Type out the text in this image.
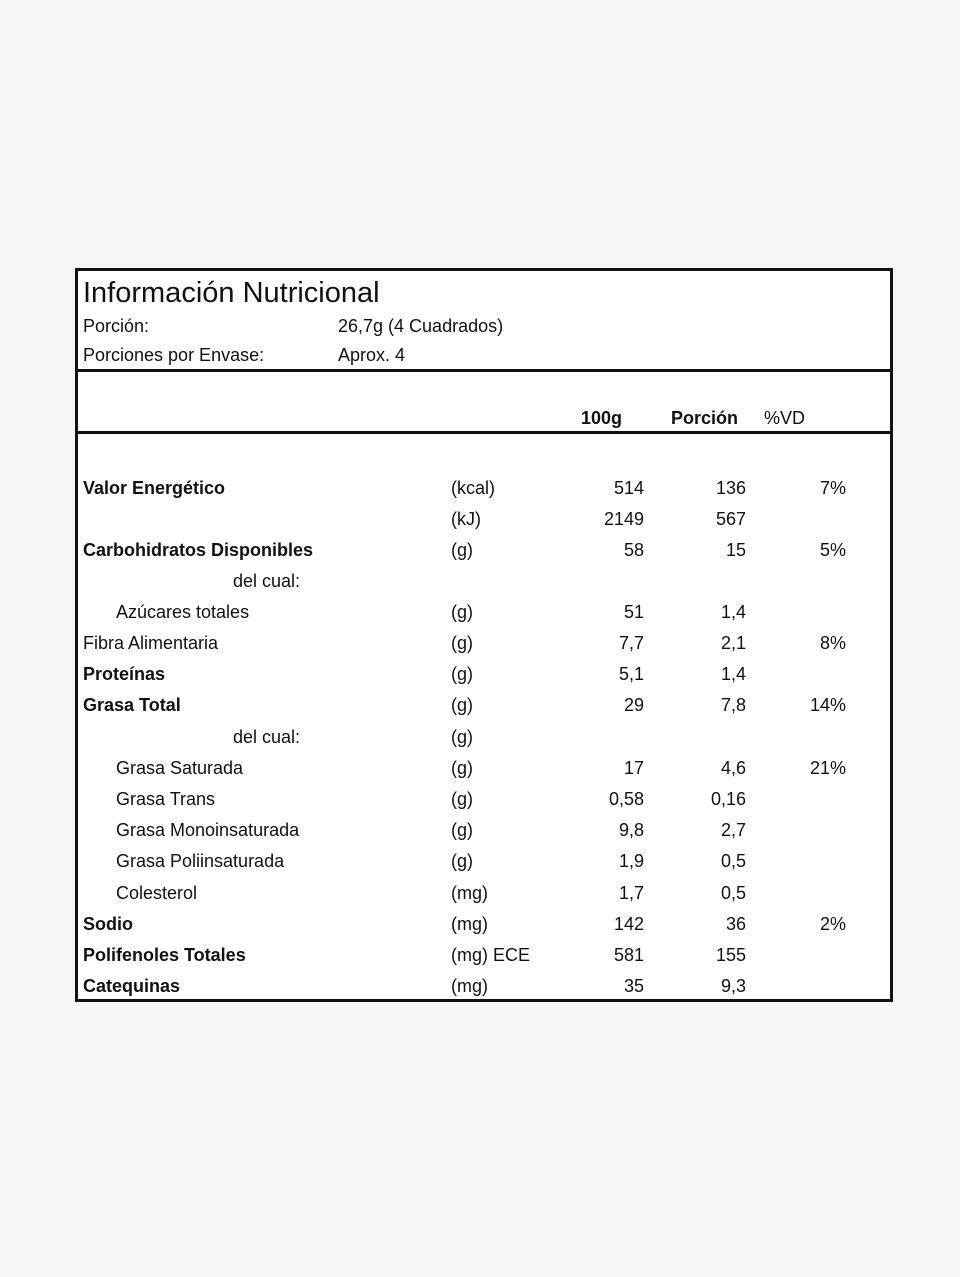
Información Nutricional
Porción:	26,7g (4 Cuadrados)
Porciones por Envase:	Aprox. 4
100g	Porción %VD
Valor Energético	(kcal)	514	136	7%
(kJ)	2149	567
Carbohidratos Disponibles	(g)	58	15	5%
del cual:
Azúcares totales	(g)	51	1,4
Fibra Alimentaria	(g)	7,7	2,1	8%
Proteínas	(g)	5,1	1,4
Grasa Total	(g)	29	7,8	14%
del cual:	(g)
Grasa Saturada	(g)	17	4,6	21%
Grasa Trans	(g)	0,58	0,16
Grasa Monoinsaturada	(g)	9,8	2,7
Grasa Poliinsaturada	(g)	1,9	0,5
Colesterol	(mg)	1,7	0,5
Sodio	(mg)	142	36	2%
Polifenoles Totales	(mg) ECE	581	155
Catequinas	(mg)	35	9,3
